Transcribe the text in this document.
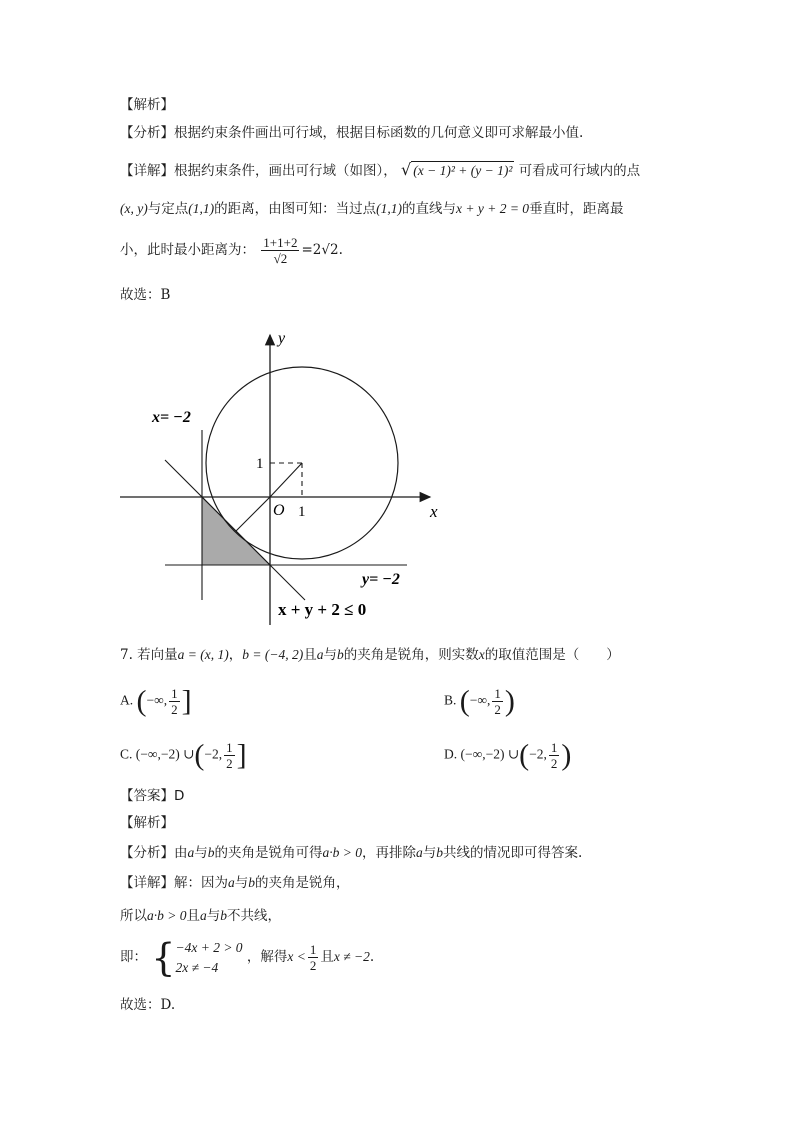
【解析】
【分析】根据约束条件画出可行域，根据目标函数的几何意义即可求解最小值.
【详解】根据约束条件，画出可行域（如图）， √ (x − 1)² + (y − 1)² 可看成可行域内的点
(x, y)与定点(1,1)的距离，由图可知：当过点(1,1)的直线与x + y + 2 = 0垂直时，距离最
小，此时最小距离为： $\frac{1+1+2}{√2} =2√2$.
故选：B
y
x
O
1
1
x= −2
y= −2
x + y + 2 ≤ 0
7. 若向量a = (x, 1)，b = (−4, 2)且a与b的夹角是锐角，则实数x的取值范围是（　　）
A. (−∞, $\frac{1}{2}$ ]	B. (−∞, $\frac{1}{2}$ )
C. (−∞,−2) ∪(−2, $\frac{1}{2}$ ]	D. (−∞,−2) ∪(−2, $\frac{1}{2}$ )
【答案】D
【解析】
【分析】由a与b的夹角是锐角可得a·b > 0，再排除a与b共线的情况即可得答案.
【详解】解：因为a与b的夹角是锐角，
所以a·b > 0且a与b不共线，
即： { −4x + 2 > 0
2x ≠ −4
，解得$x < \frac{1}{2}$ 且x ≠ −2.
故选：D.
